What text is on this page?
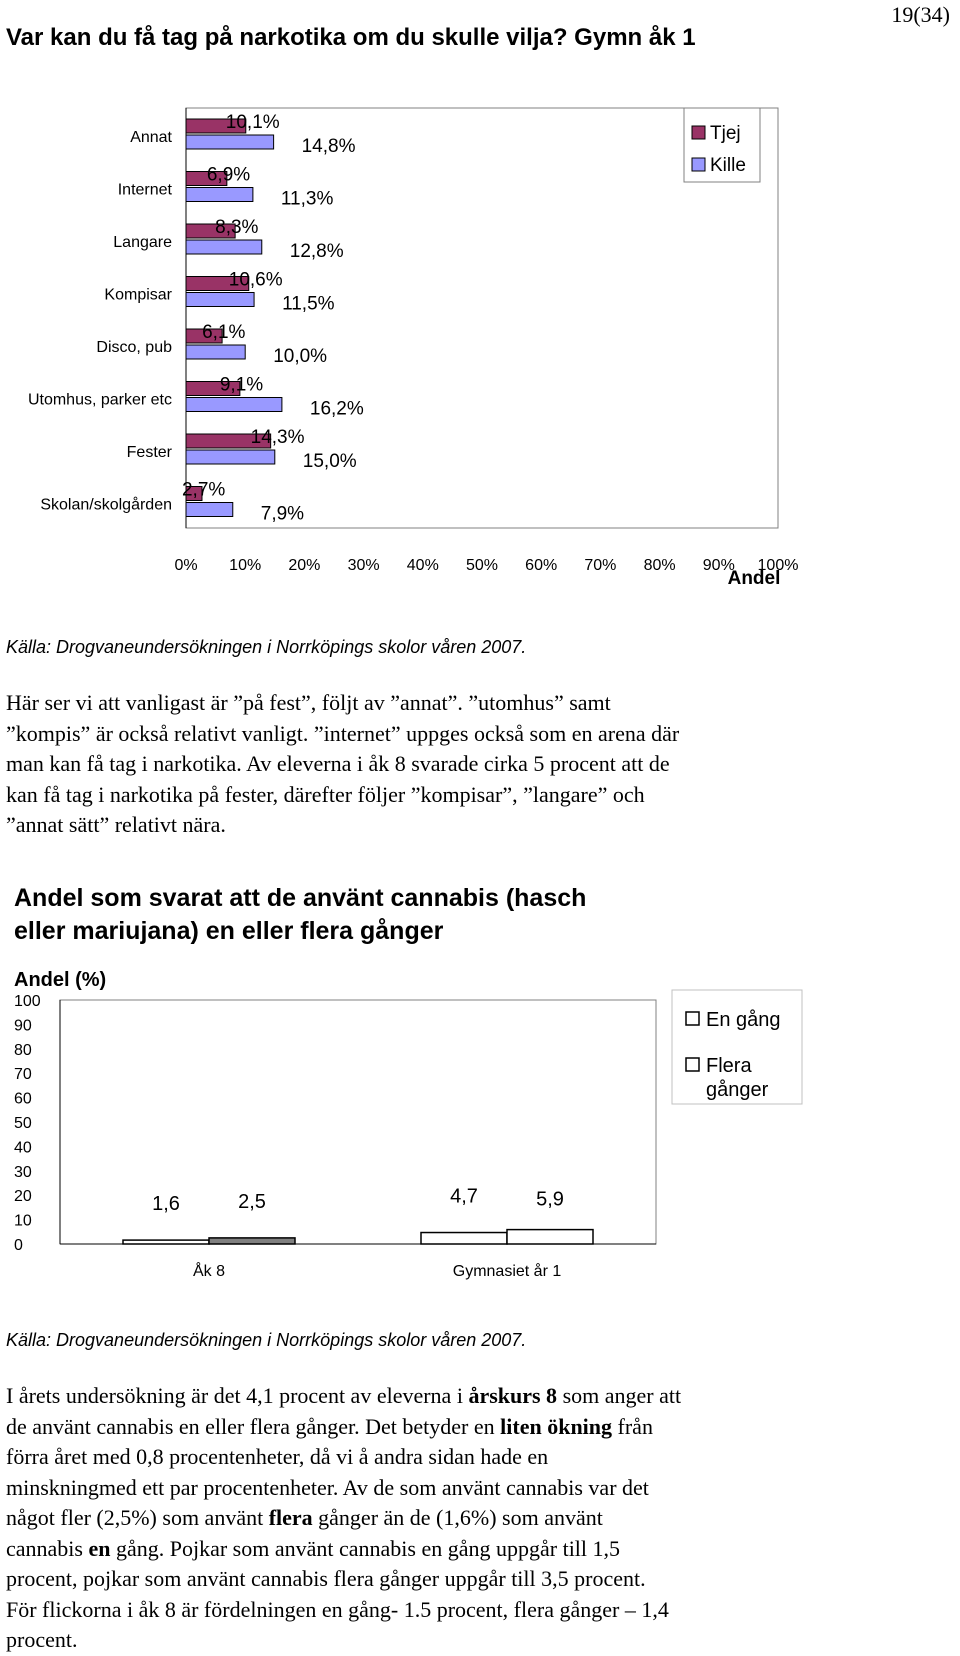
19(34)
Var kan du få tag på narkotika om du skulle vilja? Gymn åk 1
Annat
10,1%
14,8%
Internet
6,9%
11,3%
Langare
8,3%
12,8%
Kompisar
10,6%
11,5%
Disco, pub
6,1%
10,0%
Utomhus, parker etc
9,1%
16,2%
Fester
14,3%
15,0%
Skolan/skolgården
2,7%
7,9%
0% 10% 20% 30% 40% 50% 60% 70% 80% 90% 100%
Andel
Tjej
Kille
Källa: Drogvaneundersökningen i Norrköpings skolor våren 2007.

Här ser vi att vanligast är ”på fest”, följt av ”annat”. ”utomhus” samt

”kompis” är också relativt vanligt. ”internet” uppges också som en arena där

man kan få tag i narkotika. Av eleverna i åk 8 svarade cirka 5 procent att de

kan få tag i narkotika på fester, därefter följer ”kompisar”, ”langare” och

”annat sätt” relativt nära.

Andel som svarat att de använt cannabis (hasch
eller mariujana) en eller flera gånger
Andel (%)
0
10
20
30
40
50
60
70
80
90
100
1,6	2,5
Åk 8
4,7	5,9
Gymnasiet år 1
En gång
Flera
gånger
Källa: Drogvaneundersökningen i Norrköpings skolor våren 2007.

I årets undersökning är det 4,1 procent av eleverna i årskurs 8 som anger att

de använt cannabis en eller flera gånger. Det betyder en liten ökning från

förra året med 0,8 procentenheter, då vi å andra sidan hade en

minskningmed ett par procentenheter. Av de som använt cannabis var det

något fler (2,5%) som använt flera gånger än de (1,6%) som använt

cannabis en gång. Pojkar som använt cannabis en gång uppgår till 1,5

procent, pojkar som använt cannabis flera gånger uppgår till 3,5 procent.

För flickorna i åk 8 är fördelningen en gång- 1.5 procent, flera gånger – 1,4

procent.
